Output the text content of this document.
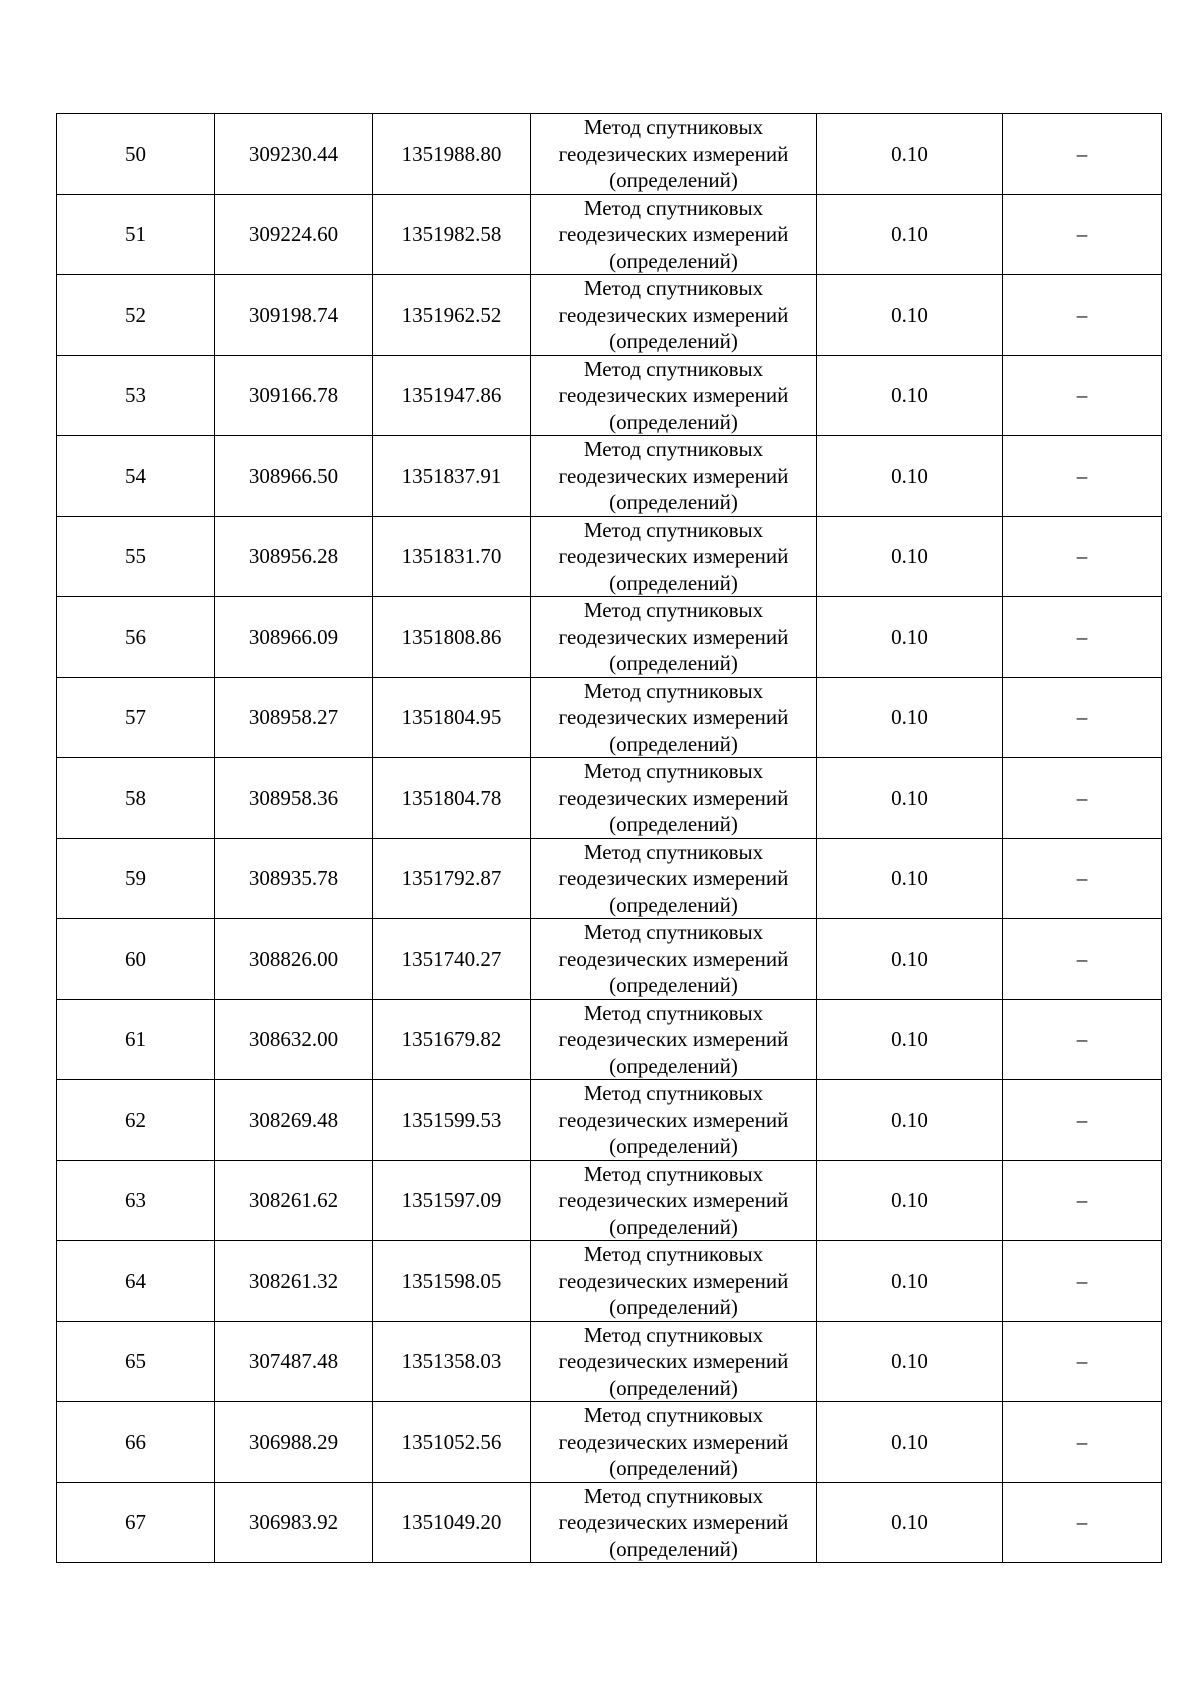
50	309230.44	1351988.80	Метод спутниковых
геодезических измерений
(определений)	0.10	–
51	309224.60	1351982.58	Метод спутниковых
геодезических измерений
(определений)	0.10	–
52	309198.74	1351962.52	Метод спутниковых
геодезических измерений
(определений)	0.10	–
53	309166.78	1351947.86	Метод спутниковых
геодезических измерений
(определений)	0.10	–
54	308966.50	1351837.91	Метод спутниковых
геодезических измерений
(определений)	0.10	–
55	308956.28	1351831.70	Метод спутниковых
геодезических измерений
(определений)	0.10	–
56	308966.09	1351808.86	Метод спутниковых
геодезических измерений
(определений)	0.10	–
57	308958.27	1351804.95	Метод спутниковых
геодезических измерений
(определений)	0.10	–
58	308958.36	1351804.78	Метод спутниковых
геодезических измерений
(определений)	0.10	–
59	308935.78	1351792.87	Метод спутниковых
геодезических измерений
(определений)	0.10	–
60	308826.00	1351740.27	Метод спутниковых
геодезических измерений
(определений)	0.10	–
61	308632.00	1351679.82	Метод спутниковых
геодезических измерений
(определений)	0.10	–
62	308269.48	1351599.53	Метод спутниковых
геодезических измерений
(определений)	0.10	–
63	308261.62	1351597.09	Метод спутниковых
геодезических измерений
(определений)	0.10	–
64	308261.32	1351598.05	Метод спутниковых
геодезических измерений
(определений)	0.10	–
65	307487.48	1351358.03	Метод спутниковых
геодезических измерений
(определений)	0.10	–
66	306988.29	1351052.56	Метод спутниковых
геодезических измерений
(определений)	0.10	–
67	306983.92	1351049.20	Метод спутниковых
геодезических измерений
(определений)	0.10	–
